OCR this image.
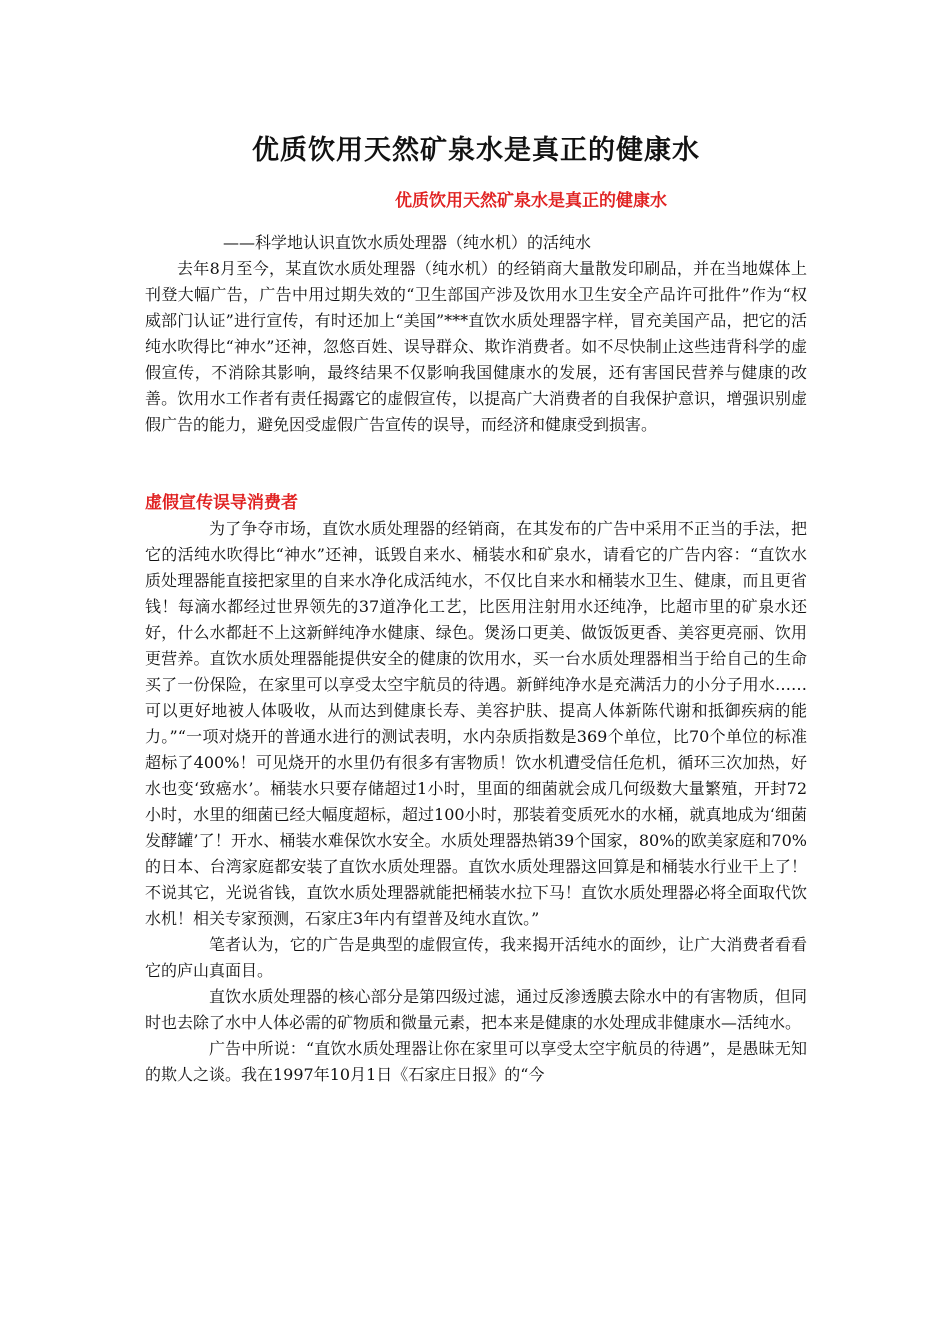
优质饮用天然矿泉水是真正的健康水
优质饮用天然矿泉水是真正的健康水
——科学地认识直饮水质处理器（纯水机）的活纯水

去年8月至今，某直饮水质处理器（纯水机）的经销商大量散发印刷品，并在当地媒体上刊登大幅广告，广告中用过期失效的“卫生部国产涉及饮用水卫生安全产品许可批件”作为“权威部门认证”进行宣传，有时还加上“美国”***直饮水质处理器字样，冒充美国产品，把它的活纯水吹得比“神水”还神，忽悠百姓、误导群众、欺诈消费者。如不尽快制止这些违背科学的虚假宣传，不消除其影响，最终结果不仅影响我国健康水的发展，还有害国民营养与健康的改善。饮用水工作者有责任揭露它的虚假宣传，以提高广大消费者的自我保护意识，增强识别虚假广告的能力，避免因受虚假广告宣传的误导，而经济和健康受到损害。

虚假宣传误导消费者

为了争夺市场，直饮水质处理器的经销商，在其发布的广告中采用不正当的手法，把它的活纯水吹得比“神水”还神，诋毁自来水、桶装水和矿泉水，请看它的广告内容：“直饮水质处理器能直接把家里的自来水净化成活纯水，不仅比自来水和桶装水卫生、健康，而且更省钱！每滴水都经过世界领先的37道净化工艺，比医用注射用水还纯净，比超市里的矿泉水还好，什么水都赶不上这新鲜纯净水健康、绿色。煲汤口更美、做饭饭更香、美容更亮丽、饮用更营养。直饮水质处理器能提供安全的健康的饮用水，买一台水质处理器相当于给自己的生命买了一份保险，在家里可以享受太空宇航员的待遇。新鲜纯净水是充满活力的小分子用水……可以更好地被人体吸收，从而达到健康长寿、美容护肤、提高人体新陈代谢和抵御疾病的能力。”“一项对烧开的普通水进行的测试表明，水内杂质指数是369个单位，比70个单位的标准超标了400%！可见烧开的水里仍有很多有害物质！饮水机遭受信任危机，循环三次加热，好水也变‘致癌水’。桶装水只要存储超过1小时，里面的细菌就会成几何级数大量繁殖，开封72小时，水里的细菌已经大幅度超标，超过100小时，那装着变质死水的水桶，就真地成为‘细菌发酵罐’了！开水、桶装水难保饮水安全。水质处理器热销39个国家，80%的欧美家庭和70%的日本、台湾家庭都安装了直饮水质处理器。直饮水质处理器这回算是和桶装水行业干上了！不说其它，光说省钱，直饮水质处理器就能把桶装水拉下马！直饮水质处理器必将全面取代饮水机！相关专家预测，石家庄3年内有望普及纯水直饮。”

笔者认为，它的广告是典型的虚假宣传，我来揭开活纯水的面纱，让广大消费者看看它的庐山真面目。

直饮水质处理器的核心部分是第四级过滤，通过反渗透膜去除水中的有害物质，但同时也去除了水中人体必需的矿物质和微量元素，把本来是健康的水处理成非健康水—活纯水。

广告中所说：“直饮水质处理器让你在家里可以享受太空宇航员的待遇”，是愚昧无知的欺人之谈。我在1997年10月1日《石家庄日报》的“今
